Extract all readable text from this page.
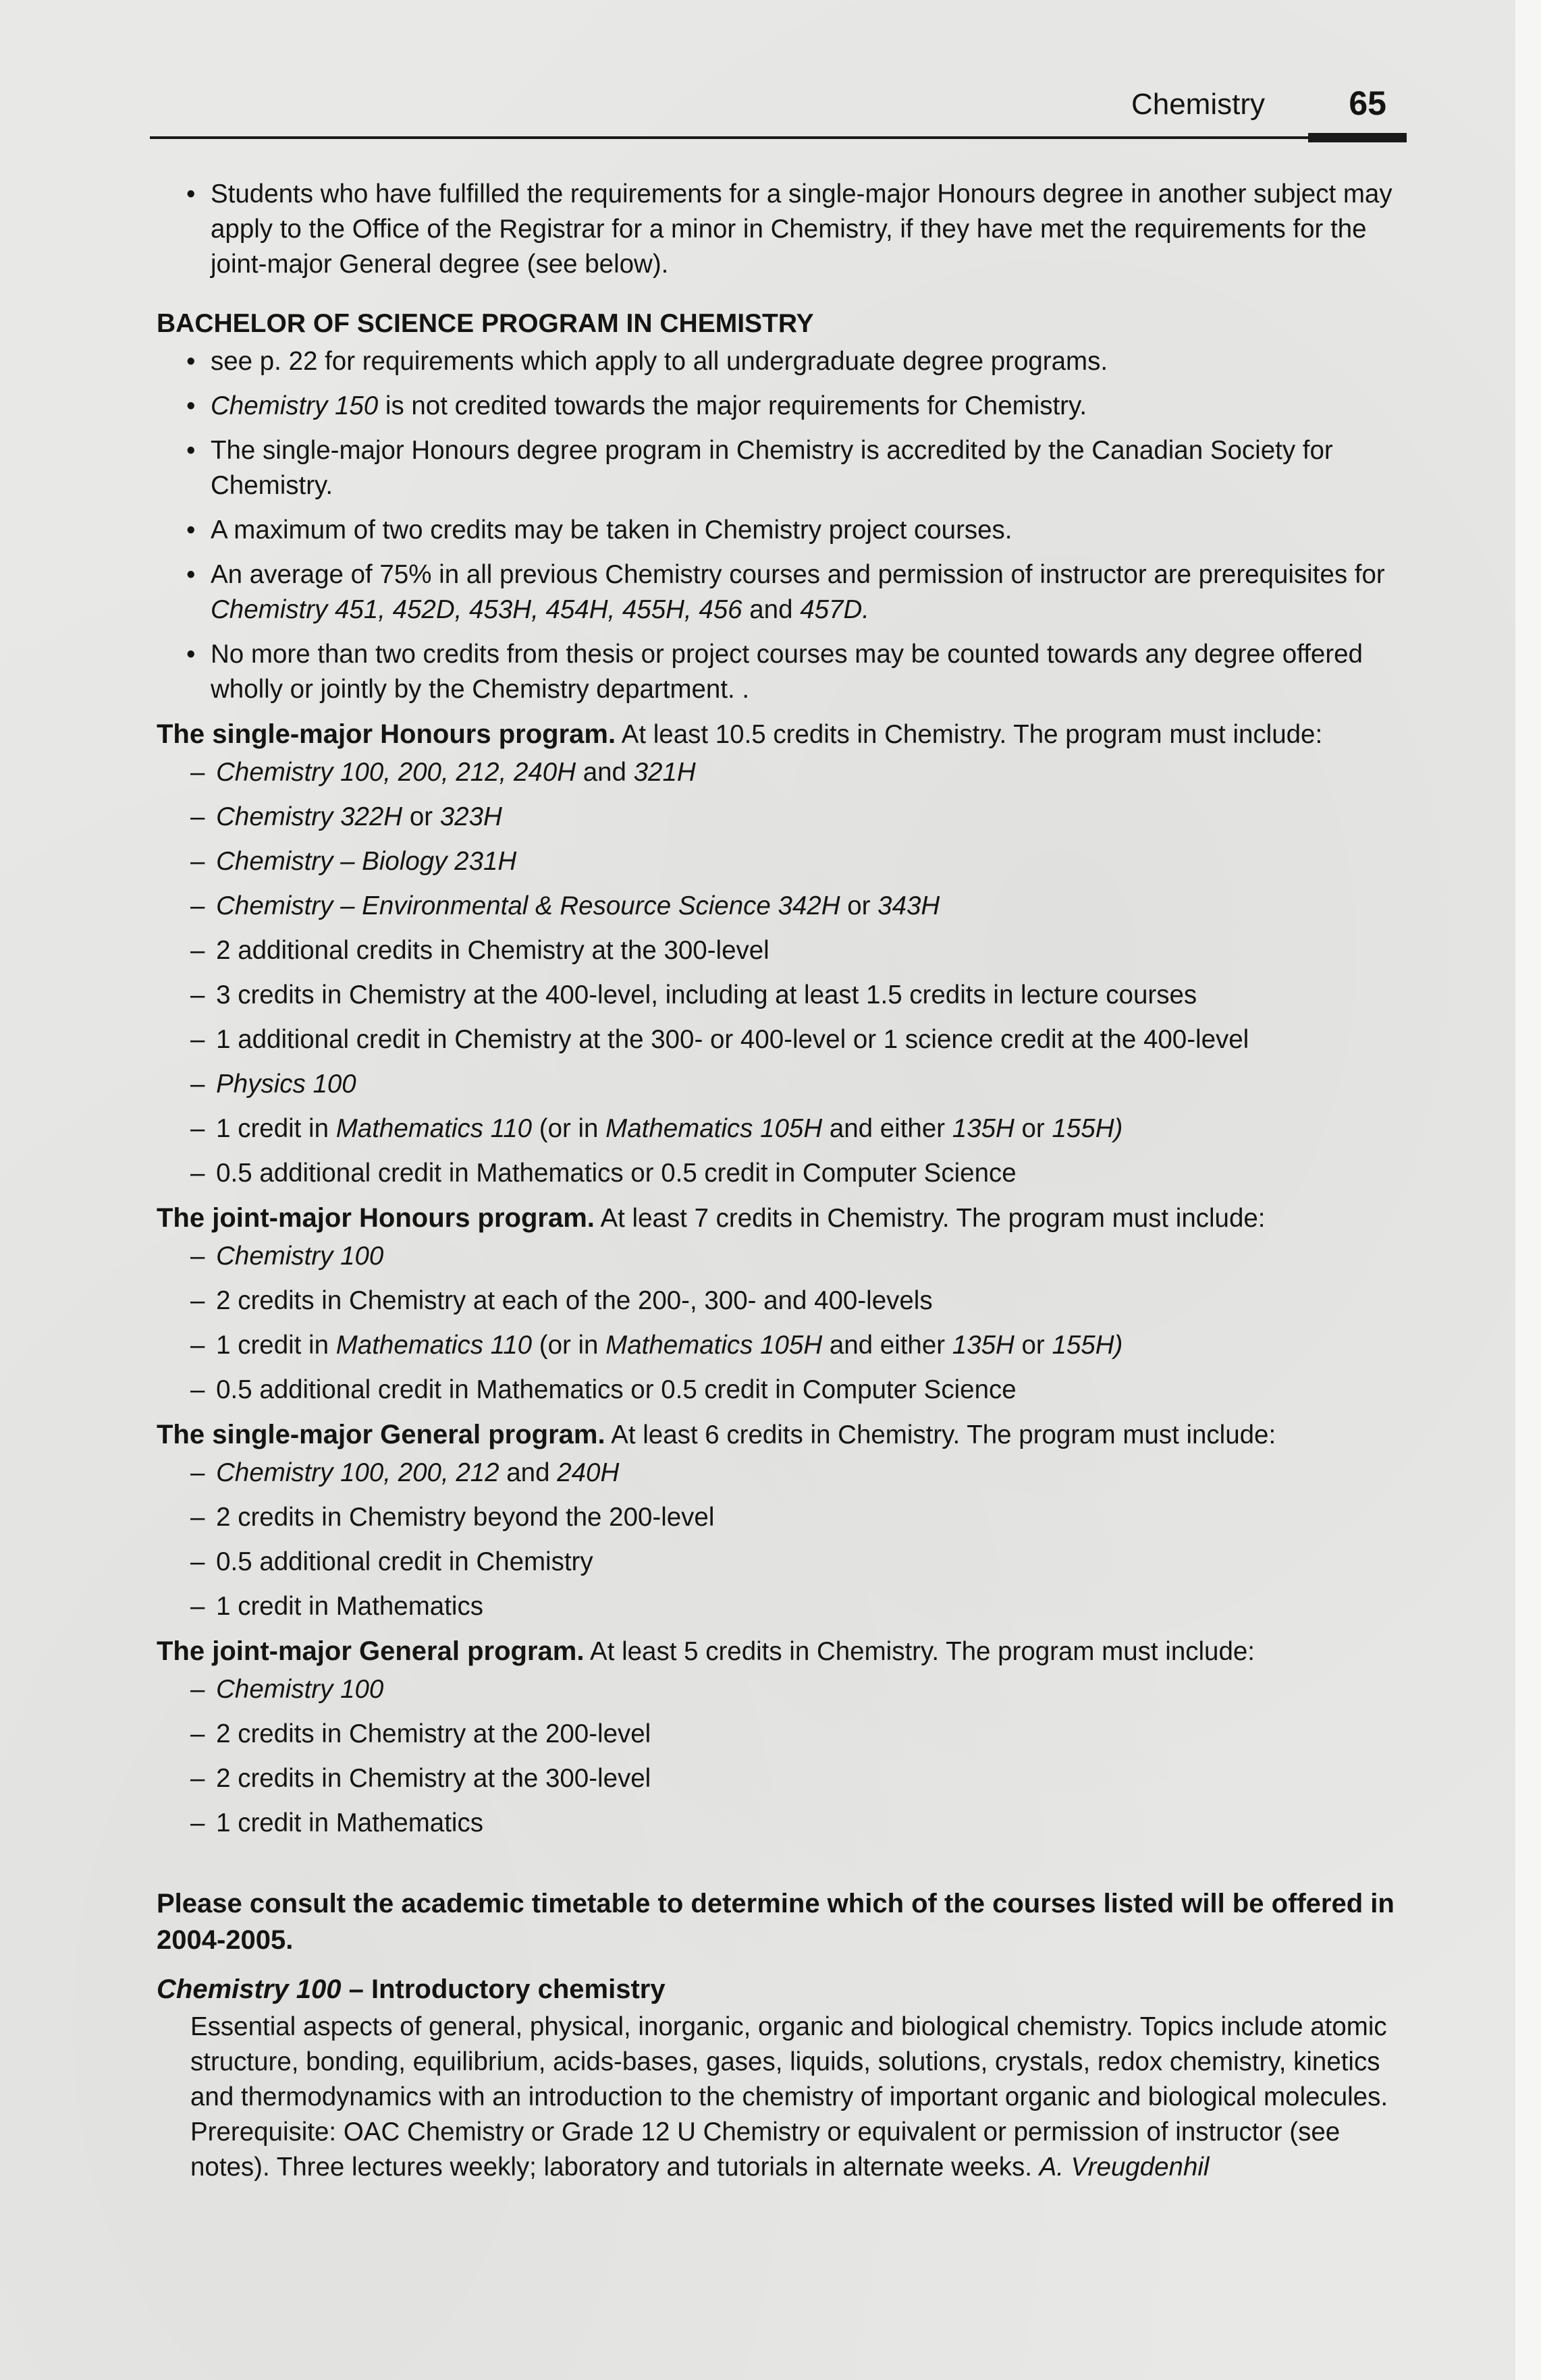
Chemistry 65

• Students who have fulfilled the requirements for a single-major Honours degree in another subject may apply to the Office of the Registrar for a minor in Chemistry, if they have met the requirements for the joint-major General degree (see below).

BACHELOR OF SCIENCE PROGRAM IN CHEMISTRY

• see p. 22 for requirements which apply to all undergraduate degree programs.

• Chemistry 150 is not credited towards the major requirements for Chemistry.

• The single-major Honours degree program in Chemistry is accredited by the Canadian Society for Chemistry.

• A maximum of two credits may be taken in Chemistry project courses.

• An average of 75% in all previous Chemistry courses and permission of instructor are prerequisites for Chemistry 451, 452D, 453H, 454H, 455H, 456 and 457D.

• No more than two credits from thesis or project courses may be counted towards any degree offered wholly or jointly by the Chemistry department. .

The single-major Honours program. At least 10.5 credits in Chemistry. The program must include:

– Chemistry 100, 200, 212, 240H and 321H

– Chemistry 322H or 323H

– Chemistry – Biology 231H

– Chemistry – Environmental & Resource Science 342H or 343H

– 2 additional credits in Chemistry at the 300-level

– 3 credits in Chemistry at the 400-level, including at least 1.5 credits in lecture courses

– 1 additional credit in Chemistry at the 300- or 400-level or 1 science credit at the 400-level

– Physics 100

– 1 credit in Mathematics 110 (or in Mathematics 105H and either 135H or 155H)

– 0.5 additional credit in Mathematics or 0.5 credit in Computer Science

The joint-major Honours program. At least 7 credits in Chemistry. The program must include:

– Chemistry 100

– 2 credits in Chemistry at each of the 200-, 300- and 400-levels

– 1 credit in Mathematics 110 (or in Mathematics 105H and either 135H or 155H)

– 0.5 additional credit in Mathematics or 0.5 credit in Computer Science

The single-major General program. At least 6 credits in Chemistry. The program must include:

– Chemistry 100, 200, 212 and 240H

– 2 credits in Chemistry beyond the 200-level

– 0.5 additional credit in Chemistry

– 1 credit in Mathematics

The joint-major General program. At least 5 credits in Chemistry. The program must include:

– Chemistry 100

– 2 credits in Chemistry at the 200-level

– 2 credits in Chemistry at the 300-level

– 1 credit in Mathematics

Please consult the academic timetable to determine which of the courses listed will be offered in 2004-2005.

Chemistry 100 – Introductory chemistry

Essential aspects of general, physical, inorganic, organic and biological chemistry. Topics include atomic structure, bonding, equilibrium, acids-bases, gases, liquids, solutions, crystals, redox chemistry, kinetics and thermodynamics with an introduction to the chemistry of important organic and biological molecules. Prerequisite: OAC Chemistry or Grade 12 U Chemistry or equivalent or permission of instructor (see notes). Three lectures weekly; laboratory and tutorials in alternate weeks. A. Vreugdenhil
